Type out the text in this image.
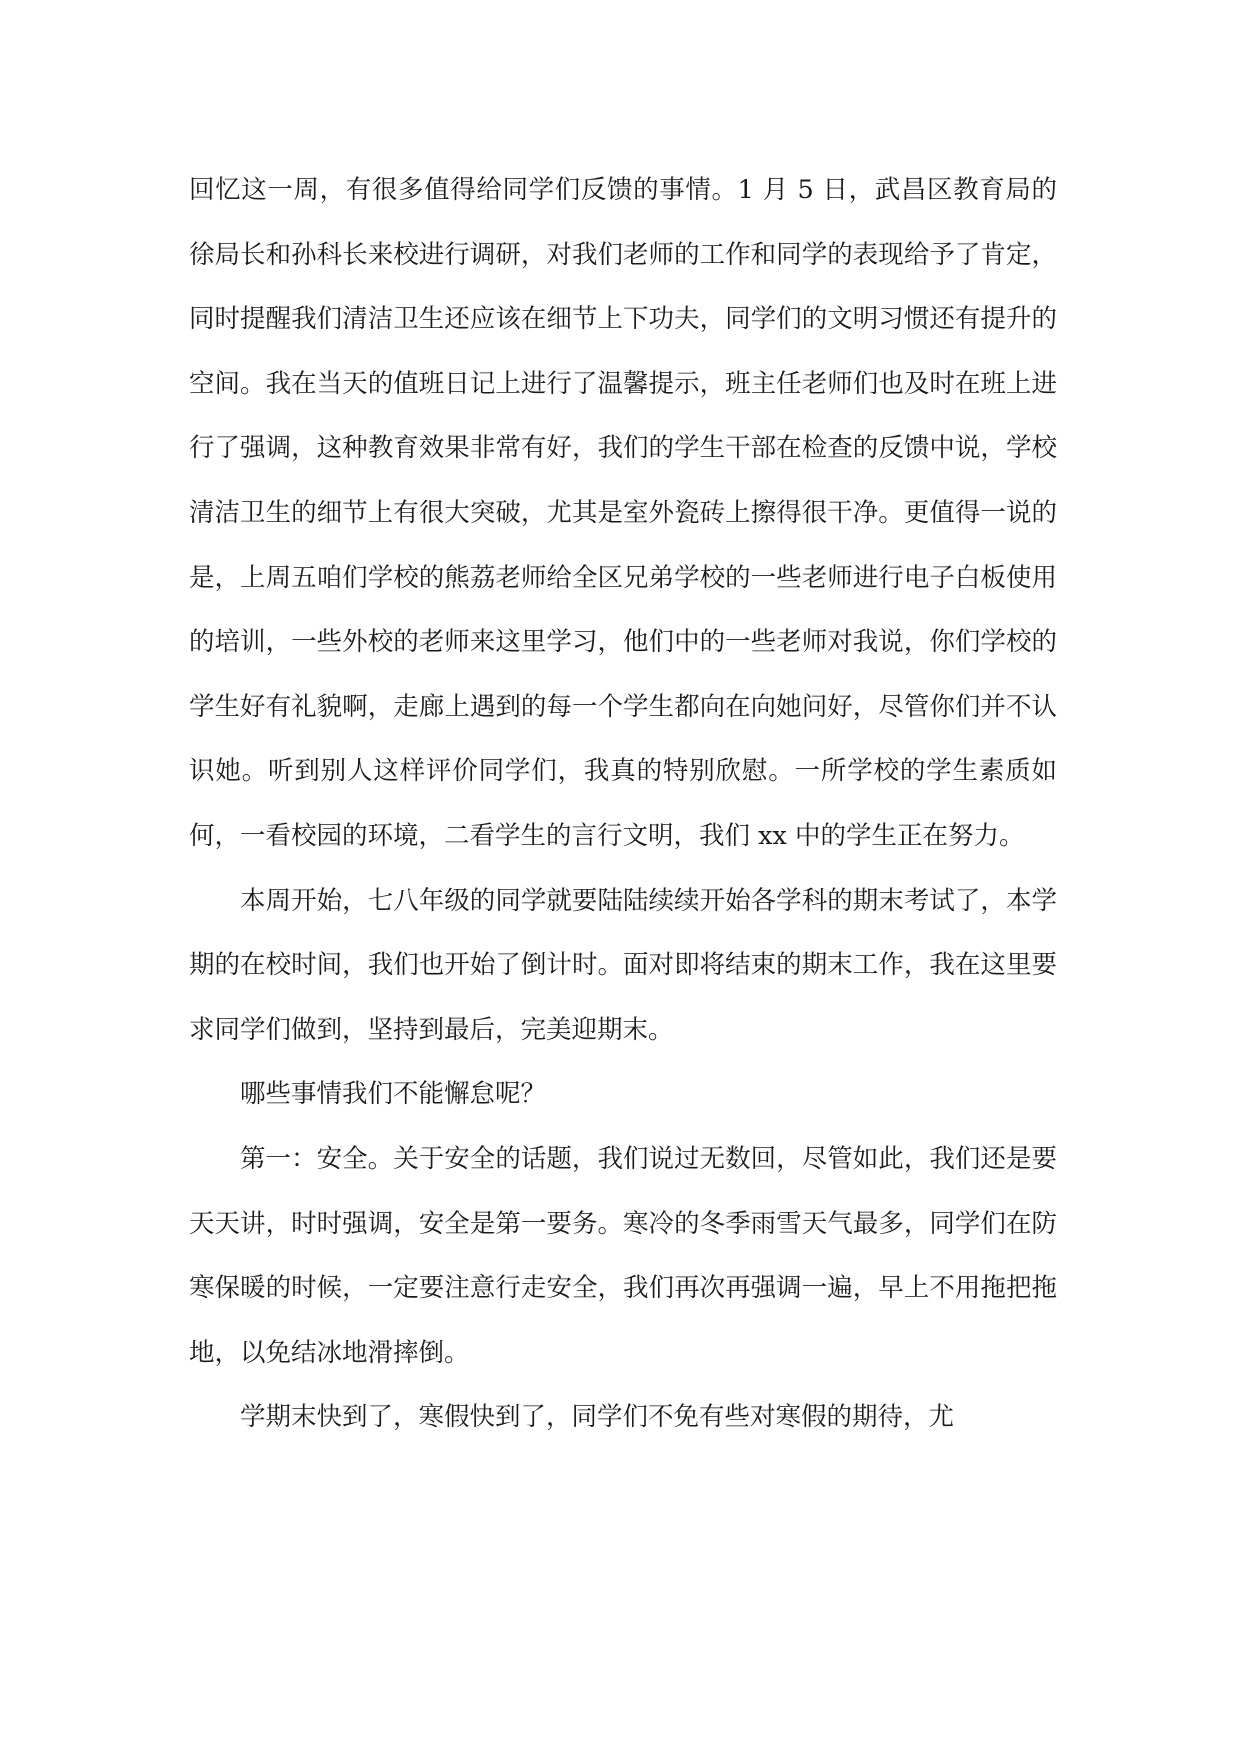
回忆这一周，有很多值得给同学们反馈的事情。1 月 5 日，武昌区教育局的徐局长和孙科长来校进行调研，对我们老师的工作和同学的表现给予了肯定，同时提醒我们清洁卫生还应该在细节上下功夫，同学们的文明习惯还有提升的空间。我在当天的值班日记上进行了温馨提示，班主任老师们也及时在班上进行了强调，这种教育效果非常有好，我们的学生干部在检查的反馈中说，学校清洁卫生的细节上有很大突破，尤其是室外瓷砖上擦得很干净。更值得一说的是，上周五咱们学校的熊荔老师给全区兄弟学校的一些老师进行电子白板使用的培训，一些外校的老师来这里学习，他们中的一些老师对我说，你们学校的学生好有礼貌啊，走廊上遇到的每一个学生都向在向她问好，尽管你们并不认识她。听到别人这样评价同学们，我真的特别欣慰。一所学校的学生素质如何，一看校园的环境，二看学生的言行文明，我们 xx 中的学生正在努力。

本周开始，七八年级的同学就要陆陆续续开始各学科的期末考试了，本学期的在校时间，我们也开始了倒计时。面对即将结束的期末工作，我在这里要求同学们做到，坚持到最后，完美迎期末。

哪些事情我们不能懈怠呢？

第一：安全。关于安全的话题，我们说过无数回，尽管如此，我们还是要天天讲，时时强调，安全是第一要务。寒冷的冬季雨雪天气最多，同学们在防寒保暖的时候，一定要注意行走安全，我们再次再强调一遍，早上不用拖把拖地，以免结冰地滑摔倒。

学期末快到了，寒假快到了，同学们不免有些对寒假的期待，尤
